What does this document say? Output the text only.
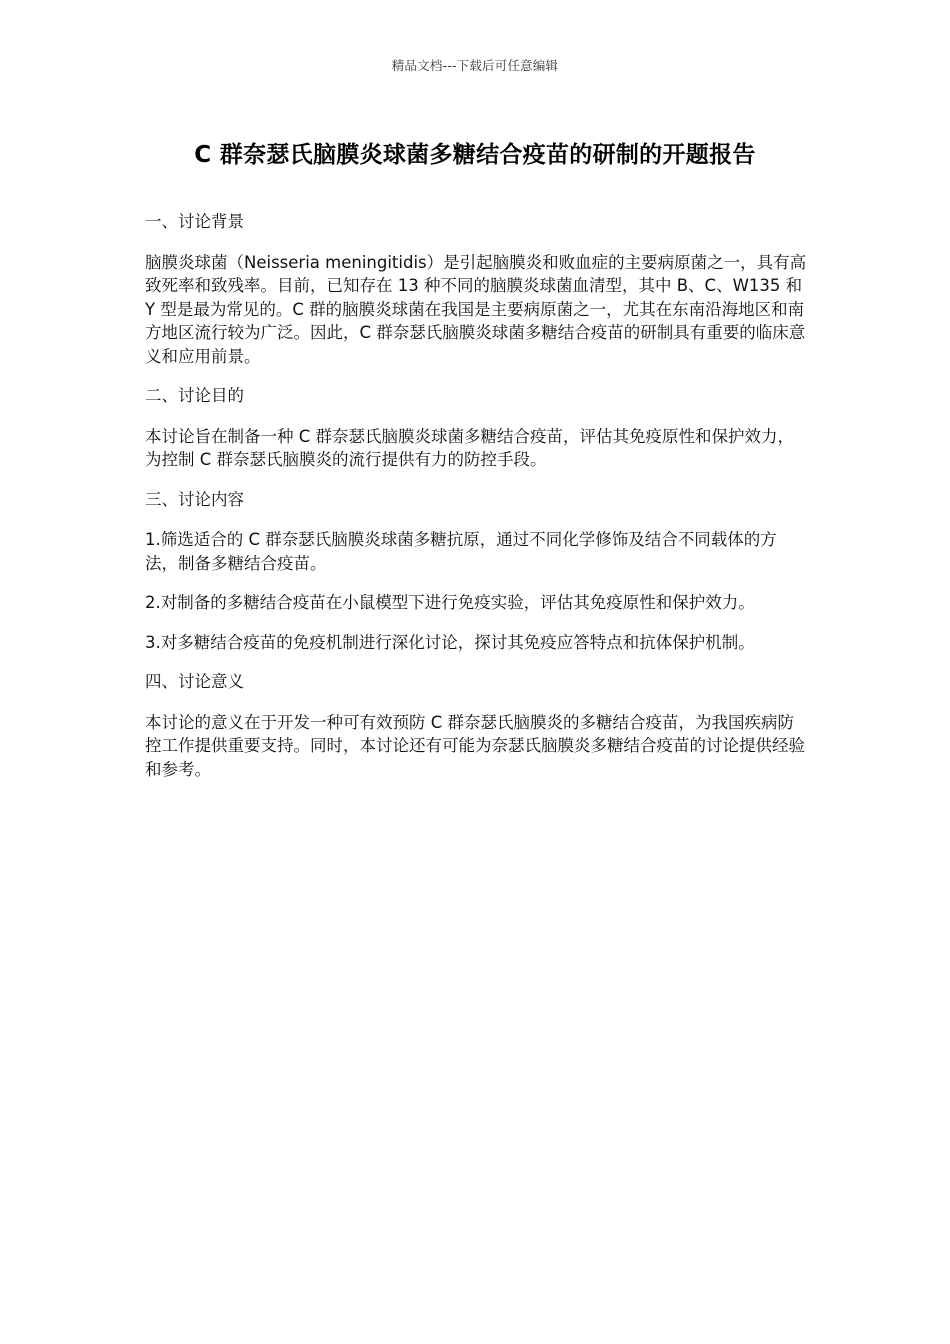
精品文档---下载后可任意编辑
C 群奈瑟氏脑膜炎球菌多糖结合疫苗的研制的开题报告
一、讨论背景
脑膜炎球菌（Neisseria meningitidis）是引起脑膜炎和败血症的主要病原菌之一，具有高致死率和致残率。目前，已知存在 13 种不同的脑膜炎球菌血清型，其中 B、C、W135 和 Y 型是最为常见的。C 群的脑膜炎球菌在我国是主要病原菌之一，尤其在东南沿海地区和南方地区流行较为广泛。因此，C 群奈瑟氏脑膜炎球菌多糖结合疫苗的研制具有重要的临床意义和应用前景。
二、讨论目的
本讨论旨在制备一种 C 群奈瑟氏脑膜炎球菌多糖结合疫苗，评估其免疫原性和保护效力，为控制 C 群奈瑟氏脑膜炎的流行提供有力的防控手段。
三、讨论内容
1.筛选适合的 C 群奈瑟氏脑膜炎球菌多糖抗原，通过不同化学修饰及结合不同载体的方法，制备多糖结合疫苗。
2.对制备的多糖结合疫苗在小鼠模型下进行免疫实验，评估其免疫原性和保护效力。
3.对多糖结合疫苗的免疫机制进行深化讨论，探讨其免疫应答特点和抗体保护机制。
四、讨论意义
本讨论的意义在于开发一种可有效预防 C 群奈瑟氏脑膜炎的多糖结合疫苗，为我国疾病防控工作提供重要支持。同时，本讨论还有可能为奈瑟氏脑膜炎多糖结合疫苗的讨论提供经验和参考。
